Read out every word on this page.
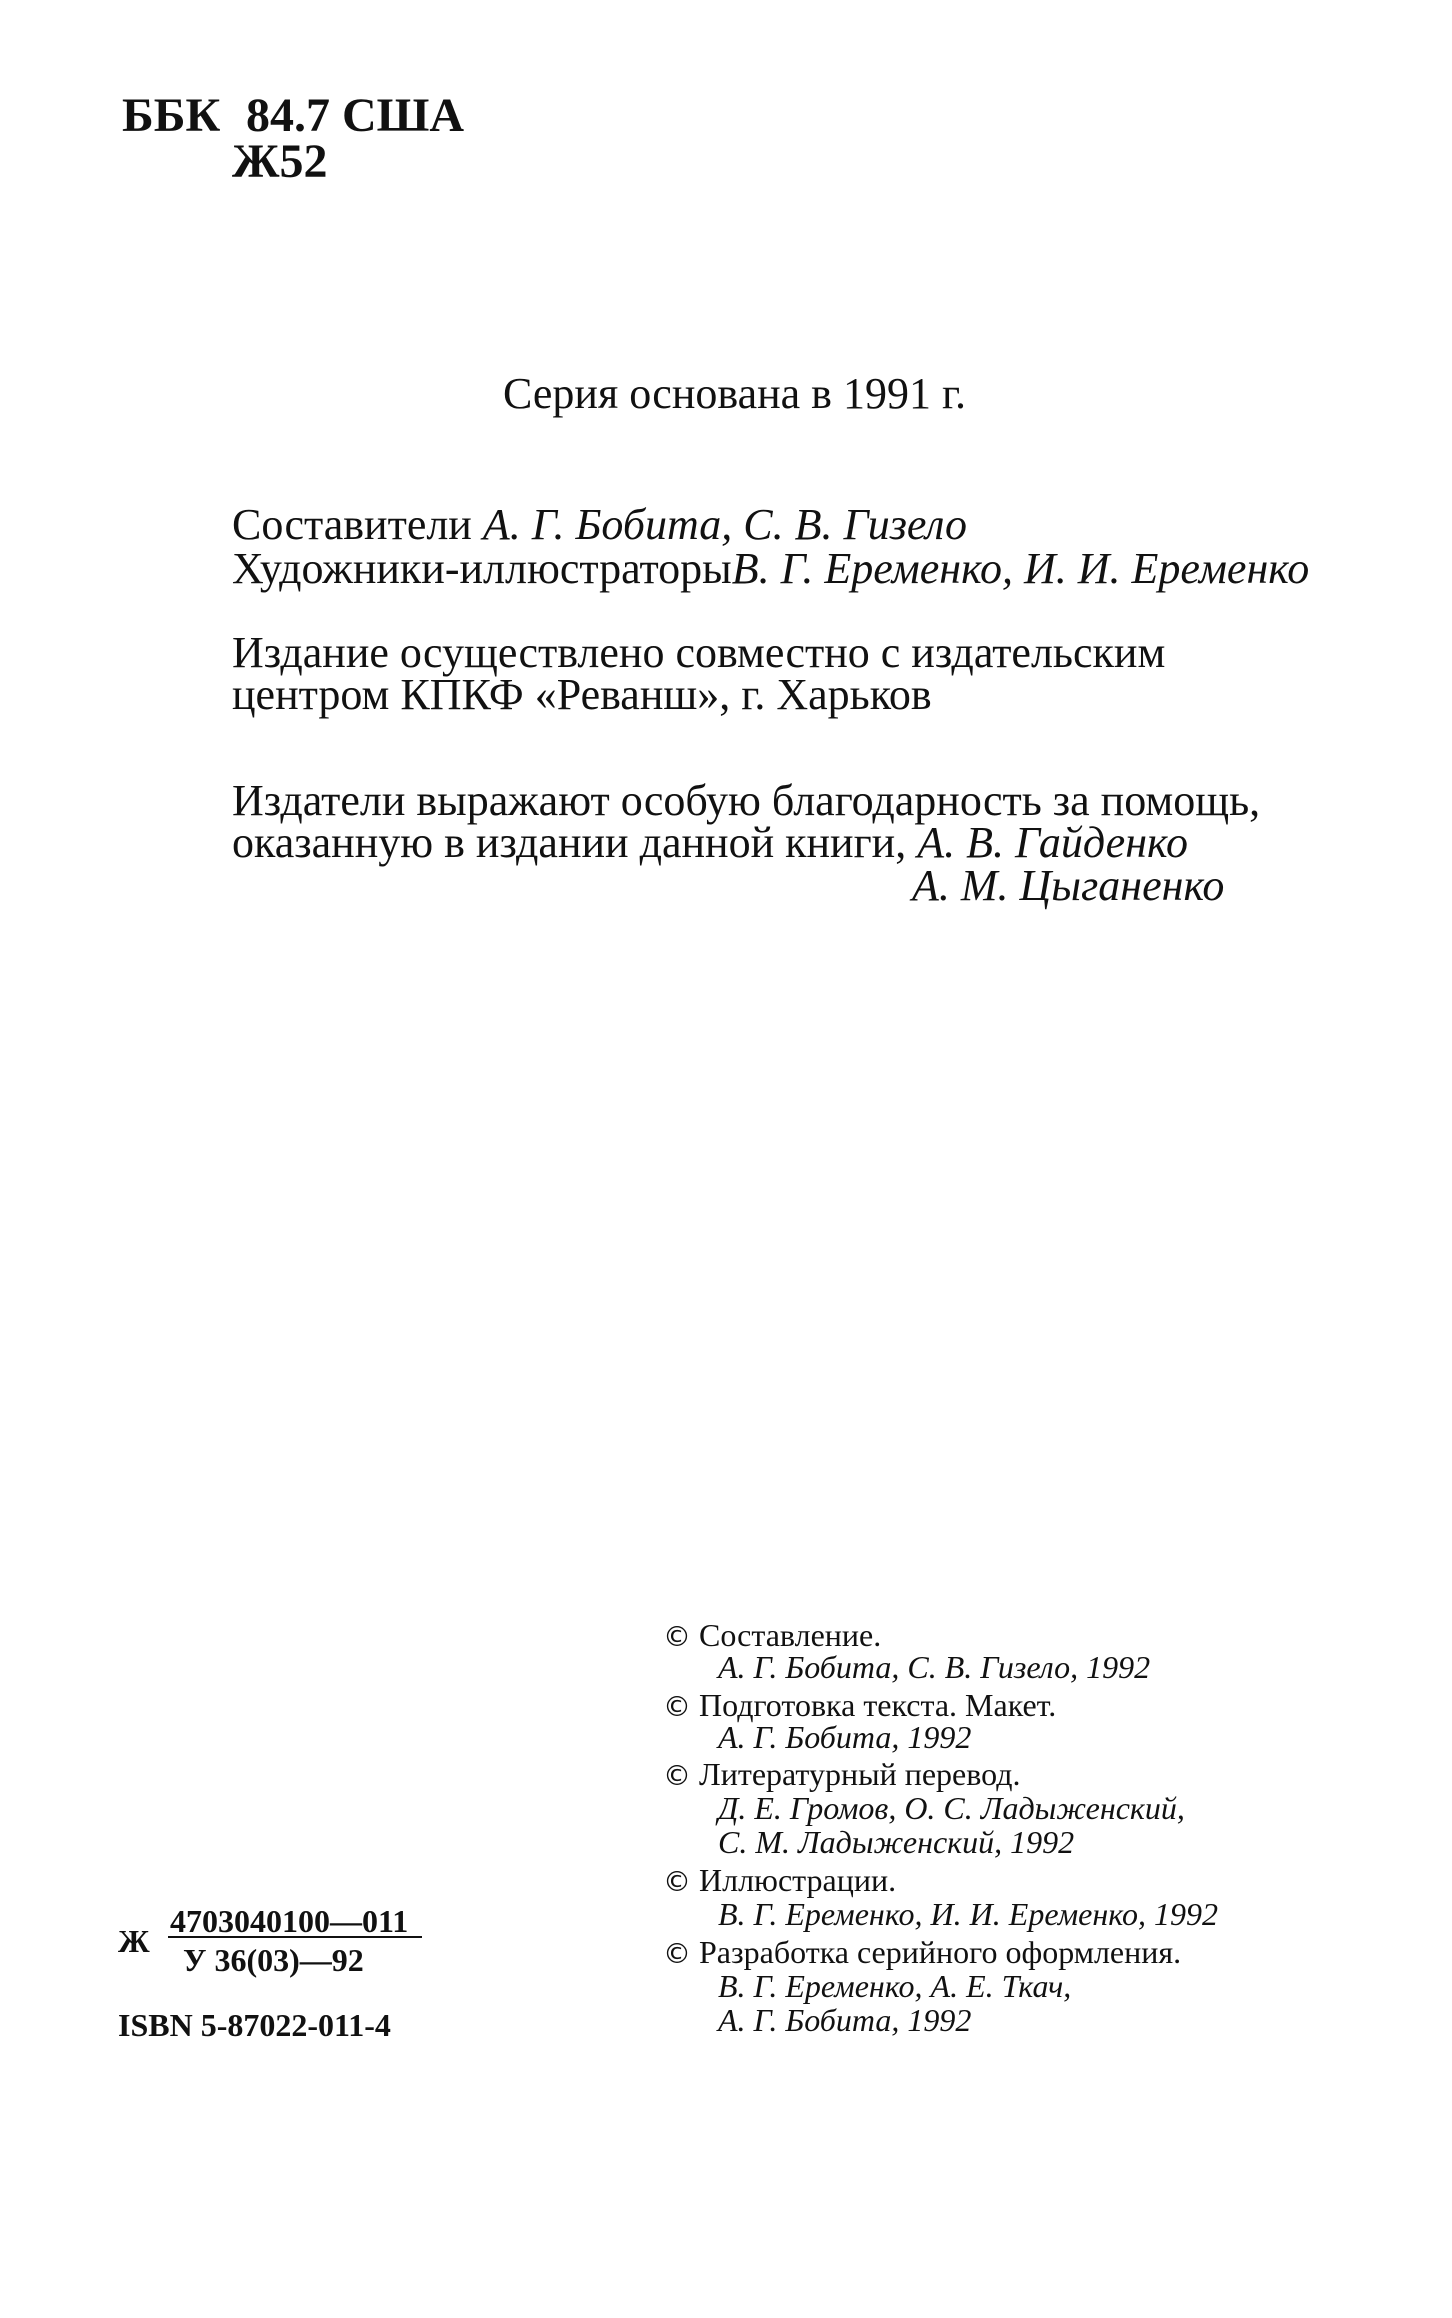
ББК 84.7 США
Ж52
Серия основана в 1991 г.
Составители А. Г. Бобита, С. В. Гизело
Художники-иллюстраторыВ. Г. Еременко, И. И. Еременко
Издание осуществлено совместно с издательским
центром КПКФ «Реванш», г. Харьков
Издатели выражают особую благодарность за помощь,
оказанную в издании данной книги, А. В. Гайденко
А. М. Цыганенко
© Составление.
А. Г. Бобита, С. В. Гизело, 1992
© Подготовка текста. Макет.
А. Г. Бобита, 1992
© Литературный перевод.
Д. Е. Громов, О. С. Ладыженский,
С. М. Ладыженский, 1992
© Иллюстрации.
В. Г. Еременко, И. И. Еременко, 1992
© Разработка серийного оформления.
В. Г. Еременко, А. Е. Ткач,
А. Г. Бобита, 1992
Ж
4703040100—011
У 36(03)—92
ISBN 5-87022-011-4
